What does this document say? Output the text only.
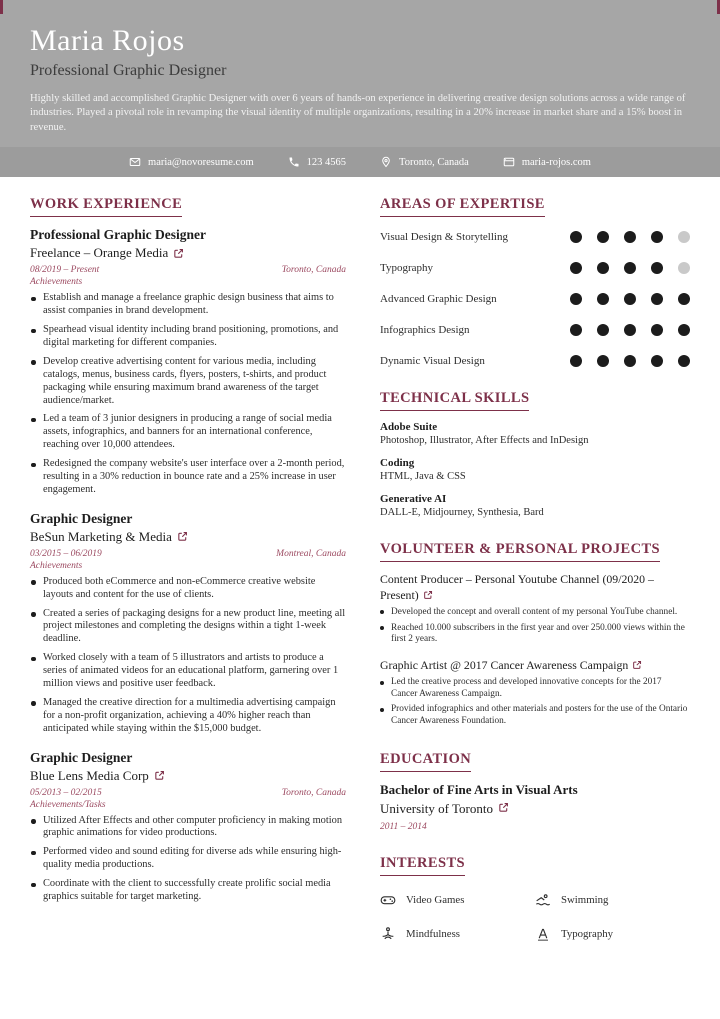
Maria Rojos
Professional Graphic Designer

Highly skilled and accomplished Graphic Designer with over 6 years of hands-on experience in delivering creative design solutions across a wide range of industries. Played a pivotal role in revamping the visual identity of multiple organizations, resulting in a 20% increase in market share and a 15% boost in revenue.

maria@novoresume.com	123 4565	Toronto, Canada	maria-rojos.com
WORK EXPERIENCE
Professional Graphic Designer
Freelance – Orange Media
08/2019 – Present	Toronto, Canada
Achievements
Establish and manage a freelance graphic design business that aims to assist companies in brand development.
Spearhead visual identity including brand positioning, promotions, and digital marketing for different companies.
Develop creative advertising content for various media, including catalogs, menus, business cards, flyers, posters, t-shirts, and product packaging while ensuring maximum brand awareness of the target audience/market.
Led a team of 3 junior designers in producing a range of social media assets, infographics, and banners for an international conference, reaching over 10,000 attendees.
Redesigned the company website's user interface over a 2-month period, resulting in a 30% reduction in bounce rate and a 25% increase in user engagement.
Graphic Designer
BeSun Marketing & Media
03/2015 – 06/2019	Montreal, Canada
Achievements
Produced both eCommerce and non-eCommerce creative website layouts and content for the use of clients.
Created a series of packaging designs for a new product line, meeting all project milestones and completing the designs within a tight 1-week deadline.
Worked closely with a team of 5 illustrators and artists to produce a series of animated videos for an educational platform, garnering over 1 million views and positive user feedback.
Managed the creative direction for a multimedia advertising campaign for a non-profit organization, achieving a 40% higher reach than anticipated while staying within the $15,000 budget.
Graphic Designer
Blue Lens Media Corp
05/2013 – 02/2015	Toronto, Canada
Achievements/Tasks
Utilized After Effects and other computer proficiency in making motion graphic animations for video productions.
Performed video and sound editing for diverse ads while ensuring high-quality media productions.
Coordinate with the client to successfully create prolific social media graphics suitable for target marketing.
AREAS OF EXPERTISE
Visual Design & Storytelling
Typography
Advanced Graphic Design
Infographics Design
Dynamic Visual Design
TECHNICAL SKILLS
Adobe Suite
Photoshop, Illustrator, After Effects and InDesign
Coding
HTML, Java & CSS
Generative AI
DALL-E, Midjourney, Synthesia, Bard
VOLUNTEER & PERSONAL PROJECTS
Content Producer – Personal Youtube Channel (09/2020 – Present)
Developed the concept and overall content of my personal YouTube channel.
Reached 10.000 subscribers in the first year and over 250.000 views within the first 2 years.
Graphic Artist @ 2017 Cancer Awareness Campaign
Led the creative process and developed innovative concepts for the 2017 Cancer Awareness Campaign.
Provided infographics and other materials and posters for the use of the Ontario Cancer Awareness Foundation.
EDUCATION
Bachelor of Fine Arts in Visual Arts
University of Toronto
2011 – 2014
INTERESTS
Video Games	Swimming
Mindfulness	Typography
